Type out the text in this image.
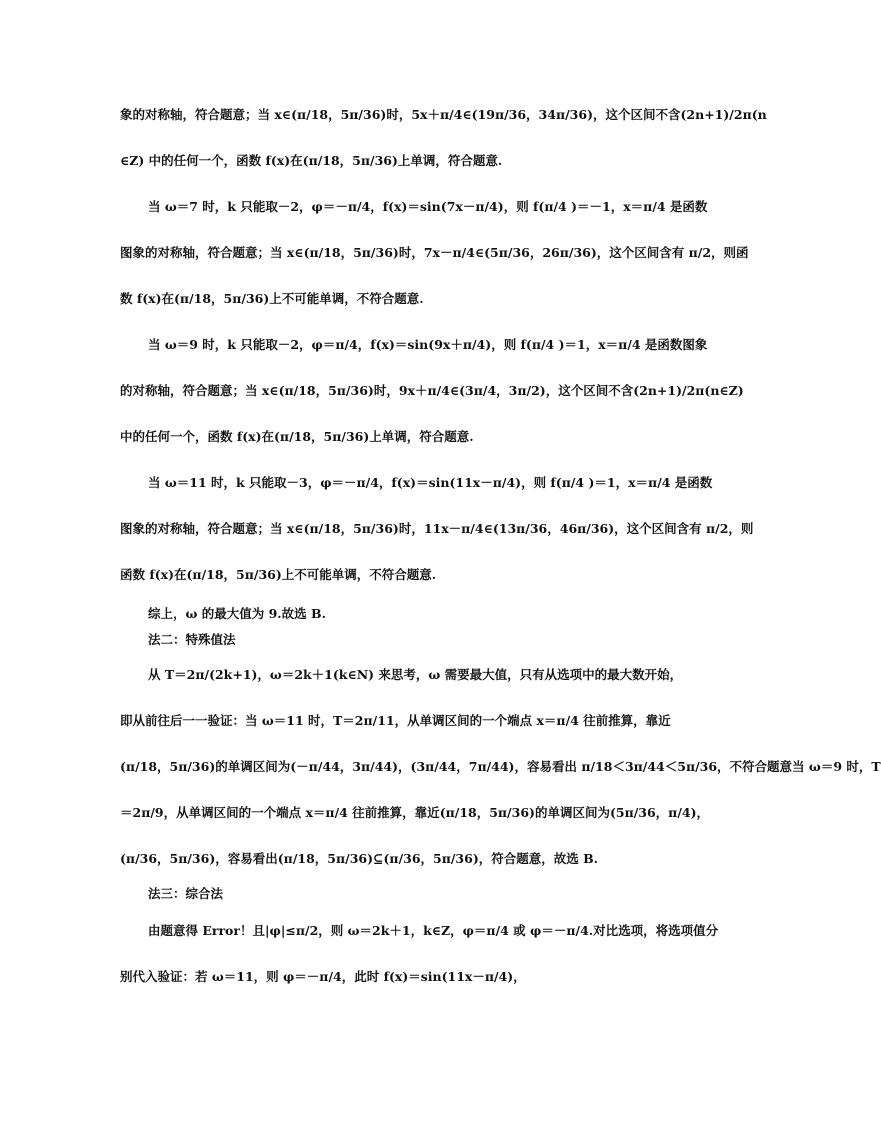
象的对称轴，符合题意；当 x∈ (π/18，5π/36) 时，5x＋π/4∈ (19π/36，34π/36) ，这个区间不含 (2n+1)/2 π(n
∈Z) 中的任何一个，函数 f(x)在 (π/18，5π/36) 上单调，符合题意.
当 ω＝7 时，k 只能取－2，φ＝－π/4，f(x)＝sin (7x－π/4) ，则 f (π/4 ) ＝－1，x＝π/4 是函数
图象的对称轴，符合题意；当 x∈ (π/18，5π/36) 时，7x－π/4∈ (5π/36，26π/36) ，这个区间含有 π/2，则函
数 f(x)在 (π/18，5π/36) 上不可能单调，不符合题意.
当 ω＝9 时，k 只能取－2，φ＝π/4，f(x)＝sin (9x＋π/4) ，则 f (π/4 ) ＝1，x＝π/4 是函数图象
的对称轴，符合题意；当 x∈ (π/18，5π/36) 时，9x＋π/4∈ (3π/4，3π/2) ，这个区间不含 (2n+1)/2 π(n∈Z)
中的任何一个，函数 f(x)在 (π/18，5π/36) 上单调，符合题意.
当 ω＝11 时，k 只能取－3，φ＝－π/4，f(x)＝sin (11x－π/4) ，则 f (π/4 ) ＝1，x＝π/4 是函数
图象的对称轴，符合题意；当 x∈ (π/18，5π/36) 时，11x－π/4∈ (13π/36，46π/36) ，这个区间含有 π/2，则
函数 f(x)在 (π/18，5π/36) 上不可能单调，不符合题意.
综上，ω 的最大值为 9.故选 B.
法二：特殊值法
从 T＝2π/(2k+1)，ω＝2k＋1(k∈N) 来思考，ω 需要最大值，只有从选项中的最大数开始，
即从前往后一一验证：当 ω＝11 时，T＝2π/11，从单调区间的一个端点 x＝π/4 往前推算，靠近
(π/18，5π/36) 的单调区间为 (－π/44，3π/44) ， (3π/44，7π/44) ，容易看出 π/18＜3π/44＜5π/36，不符合题意当 ω＝9 时，T
＝2π/9，从单调区间的一个端点 x＝π/4 往前推算，靠近 (π/18，5π/36) 的单调区间为 (5π/36，π/4) ，
(π/36，5π/36) ，容易看出 (π/18，5π/36) ⊆ (π/36，5π/36) ，符合题意，故选 B.
法三：综合法
由题意得 Error！且|φ|≤π/2，则 ω＝2k＋1，k∈Z，φ＝π/4 或 φ＝－π/4.对比选项，将选项值分
别代入验证：若 ω＝11，则 φ＝－π/4，此时 f(x)＝sin (11x－π/4) ，
